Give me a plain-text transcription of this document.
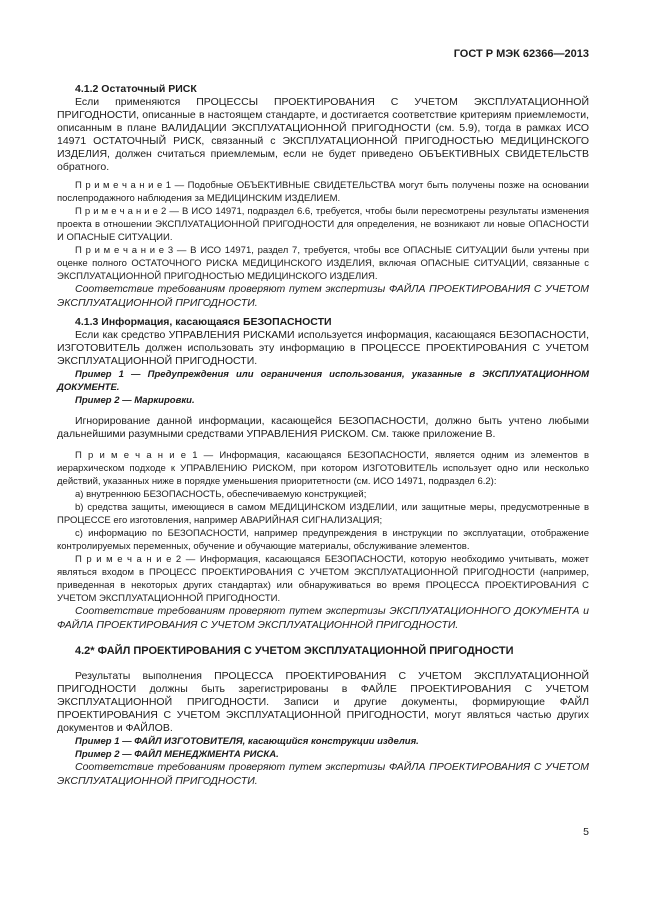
ГОСТ Р МЭК 62366—2013

4.1.2 Остаточный РИСК

Если применяются ПРОЦЕССЫ ПРОЕКТИРОВАНИЯ С УЧЕТОМ ЭКСПЛУАТАЦИОННОЙ ПРИГОДНОСТИ, описанные в настоящем стандарте, и достигается соответствие критериям приемлемости, описанным в плане ВАЛИДАЦИИ ЭКСПЛУАТАЦИОННОЙ ПРИГОДНОСТИ (см. 5.9), тогда в рамках ИСО 14971 ОСТАТОЧНЫЙ РИСК, связанный с ЭКСПЛУАТАЦИОННОЙ ПРИГОДНОСТЬЮ МЕДИЦИНСКОГО ИЗДЕЛИЯ, должен считаться приемлемым, если не будет приведено ОБЪЕКТИВНЫХ СВИДЕТЕЛЬСТВ обратного.

П р и м е ч а н и е 1 — Подобные ОБЪЕКТИВНЫЕ СВИДЕТЕЛЬСТВА могут быть получены позже на основании послепродажного наблюдения за МЕДИЦИНСКИМ ИЗДЕЛИЕМ.

П р и м е ч а н и е 2 — В ИСО 14971, подраздел 6.6, требуется, чтобы были пересмотрены результаты изменения проекта в отношении ЭКСПЛУАТАЦИОННОЙ ПРИГОДНОСТИ для определения, не возникают ли новые ОПАСНОСТИ И ОПАСНЫЕ СИТУАЦИИ.

П р и м е ч а н и е 3 — В ИСО 14971, раздел 7, требуется, чтобы все ОПАСНЫЕ СИТУАЦИИ были учтены при оценке полного ОСТАТОЧНОГО РИСКА МЕДИЦИНСКОГО ИЗДЕЛИЯ, включая ОПАСНЫЕ СИТУАЦИИ, связанные с ЭКСПЛУАТАЦИОННОЙ ПРИГОДНОСТЬЮ МЕДИЦИНСКОГО ИЗДЕЛИЯ.

Соответствие требованиям проверяют путем экспертизы ФАЙЛА ПРОЕКТИРОВАНИЯ С УЧЕТОМ ЭКСПЛУАТАЦИОННОЙ ПРИГОДНОСТИ.

4.1.3 Информация, касающаяся БЕЗОПАСНОСТИ

Если как средство УПРАВЛЕНИЯ РИСКАМИ используется информация, касающаяся БЕЗОПАСНОСТИ, ИЗГОТОВИТЕЛЬ должен использовать эту информацию в ПРОЦЕССЕ ПРОЕКТИРОВАНИЯ С УЧЕТОМ ЭКСПЛУАТАЦИОННОЙ ПРИГОДНОСТИ.

Пример 1 — Предупреждения или ограничения использования, указанные в ЭКСПЛУАТАЦИОННОМ ДОКУМЕНТЕ.

Пример 2 — Маркировки.

Игнорирование данной информации, касающейся БЕЗОПАСНОСТИ, должно быть учтено любыми дальнейшими разумными средствами УПРАВЛЕНИЯ РИСКОМ. См. также приложение В.

П р и м е ч а н и е 1 — Информация, касающаяся БЕЗОПАСНОСТИ, является одним из элементов в иерархическом подходе к УПРАВЛЕНИЮ РИСКОМ, при котором ИЗГОТОВИТЕЛЬ использует одно или несколько действий, указанных ниже в порядке уменьшения приоритетности (см. ИСО 14971, подраздел 6.2):

a) внутреннюю БЕЗОПАСНОСТЬ, обеспечиваемую конструкцией;

b) средства защиты, имеющиеся в самом МЕДИЦИНСКОМ ИЗДЕЛИИ, или защитные меры, предусмотренные в ПРОЦЕССЕ его изготовления, например АВАРИЙНАЯ СИГНАЛИЗАЦИЯ;

c) информацию по БЕЗОПАСНОСТИ, например предупреждения в инструкции по эксплуатации, отображение контролируемых переменных, обучение и обучающие материалы, обслуживание элементов.

П р и м е ч а н и е 2 — Информация, касающаяся БЕЗОПАСНОСТИ, которую необходимо учитывать, может являться входом в ПРОЦЕСС ПРОЕКТИРОВАНИЯ С УЧЕТОМ ЭКСПЛУАТАЦИОННОЙ ПРИГОДНОСТИ (например, приведенная в некоторых других стандартах) или обнаруживаться во время ПРОЦЕССА ПРОЕКТИРОВАНИЯ С УЧЕТОМ ЭКСПЛУАТАЦИОННОЙ ПРИГОДНОСТИ.

Соответствие требованиям проверяют путем экспертизы ЭКСПЛУАТАЦИОННОГО ДОКУМЕНТА и ФАЙЛА ПРОЕКТИРОВАНИЯ С УЧЕТОМ ЭКСПЛУАТАЦИОННОЙ ПРИГОДНОСТИ.

4.2* ФАЙЛ ПРОЕКТИРОВАНИЯ С УЧЕТОМ ЭКСПЛУАТАЦИОННОЙ ПРИГОДНОСТИ

Результаты выполнения ПРОЦЕССА ПРОЕКТИРОВАНИЯ С УЧЕТОМ ЭКСПЛУАТАЦИОННОЙ ПРИГОДНОСТИ должны быть зарегистрированы в ФАЙЛЕ ПРОЕКТИРОВАНИЯ С УЧЕТОМ ЭКСПЛУАТАЦИОННОЙ ПРИГОДНОСТИ. Записи и другие документы, формирующие ФАЙЛ ПРОЕКТИРОВАНИЯ С УЧЕТОМ ЭКСПЛУАТАЦИОННОЙ ПРИГОДНОСТИ, могут являться частью других документов и ФАЙЛОВ.

Пример 1 — ФАЙЛ ИЗГОТОВИТЕЛЯ, касающийся конструкции изделия.

Пример 2 — ФАЙЛ МЕНЕДЖМЕНТА РИСКА.

Соответствие требованиям проверяют путем экспертизы ФАЙЛА ПРОЕКТИРОВАНИЯ С УЧЕТОМ ЭКСПЛУАТАЦИОННОЙ ПРИГОДНОСТИ.

5
